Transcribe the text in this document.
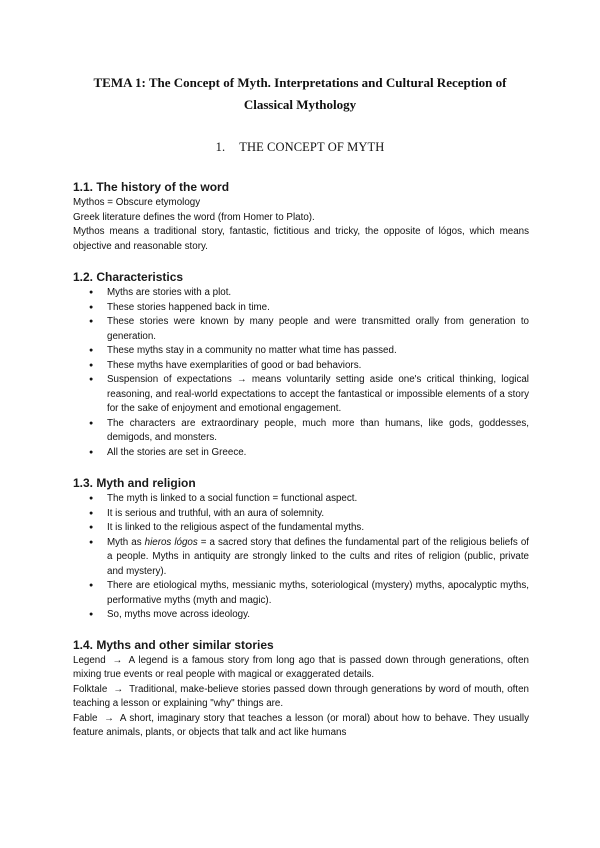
TEMA 1: The Concept of Myth. Interpretations and Cultural Reception of
Classical Mythology
1. THE CONCEPT OF MYTH
1.1. The history of the word
Mythos = Obscure etymology
Greek literature defines the word (from Homer to Plato).
Mythos means a traditional story, fantastic, fictitious and tricky, the opposite of lógos, which means objective and reasonable story.
1.2. Characteristics
● Myths are stories with a plot.
● These stories happened back in time.
● These stories were known by many people and were transmitted orally from generation to generation.
● These myths stay in a community no matter what time has passed.
● These myths have exemplarities of good or bad behaviors.
● Suspension of expectations → means voluntarily setting aside one's critical thinking, logical reasoning, and real-world expectations to accept the fantastical or impossible elements of a story for the sake of enjoyment and emotional engagement.
● The characters are extraordinary people, much more than humans, like gods, goddesses, demigods, and monsters.
● All the stories are set in Greece.
1.3. Myth and religion
● The myth is linked to a social function = functional aspect.
● It is serious and truthful, with an aura of solemnity.
● It is linked to the religious aspect of the fundamental myths.
● Myth as hieros lógos = a sacred story that defines the fundamental part of the religious beliefs of a people. Myths in antiquity are strongly linked to the cults and rites of religion (public, private and mystery).
● There are etiological myths, messianic myths, soteriological (mystery) myths, apocalyptic myths, performative myths (myth and magic).
● So, myths move across ideology.
1.4. Myths and other similar stories
Legend → A legend is a famous story from long ago that is passed down through generations, often mixing true events or real people with magical or exaggerated details.
Folktale → Traditional, make-believe stories passed down through generations by word of mouth, often teaching a lesson or explaining "why" things are.
Fable → A short, imaginary story that teaches a lesson (or moral) about how to behave. They usually feature animals, plants, or objects that talk and act like humans
